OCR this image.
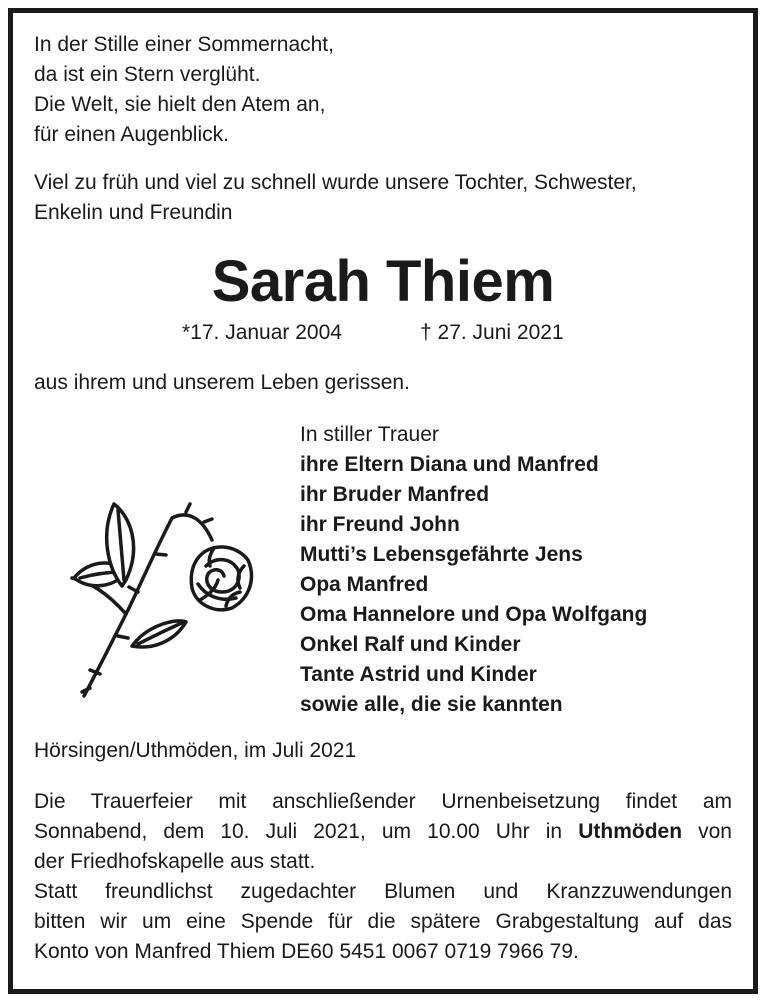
In der Stille einer Sommernacht,
da ist ein Stern verglüht.
Die Welt, sie hielt den Atem an,
für einen Augenblick.
Viel zu früh und viel zu schnell wurde unsere Tochter, Schwester,
Enkelin und Freundin
Sarah Thiem
*17. Januar 2004	† 27. Juni 2021
aus ihrem und unserem Leben gerissen.
In stiller Trauer
ihre Eltern Diana und Manfred
ihr Bruder Manfred
ihr Freund John
Mutti’s Lebensgefährte Jens
Opa Manfred
Oma Hannelore und Opa Wolfgang
Onkel Ralf und Kinder
Tante Astrid und Kinder
sowie alle, die sie kannten
Hörsingen/Uthmöden, im Juli 2021
Die Trauerfeier mit anschließender Urnenbeisetzung findet am
Sonnabend, dem 10. Juli 2021, um 10.00 Uhr in Uthmöden von
der Friedhofskapelle aus statt.
Statt freundlichst zugedachter Blumen und Kranzzuwendungen
bitten wir um eine Spende für die spätere Grabgestaltung auf das
Konto von Manfred Thiem DE60 5451 0067 0719 7966 79.
